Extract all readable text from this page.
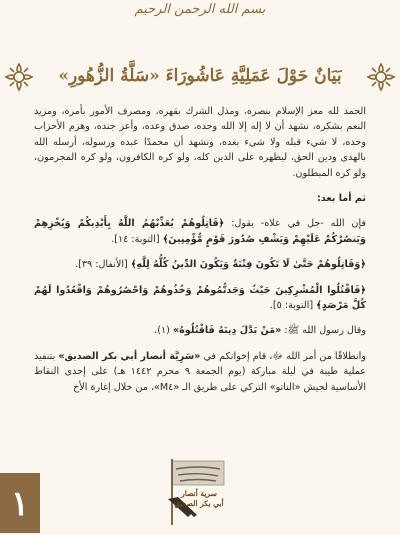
بسم الله الرحمن الرحيم
بَيَانٌ حَوْلَ عَمَلِيَّةِ عَاشُورَاءَ «سَلَّةُ الزُّهُورِ»

الحمد لله معز الإسلام بنصره، ومذل الشرك بقهره، ومصرف الأمور بأمره، ومزيد النعم بشكره، نشهد أن لا إله إلا الله وحده، صدق وعده، وأعز جنده، وهزم الأحزاب وحده، لا شيء قبله ولا شيء بعده، ونشهد أن محمدًا عبده ورسوله، أرسله الله بالهدى ودين الحق، ليظهره على الدين كله، ولو كره الكافرون، ولو كره المجرمون، ولو كره المبطلون.

ثم أما بعد:

فإن الله -جل في علاه- يقول: ﴿قَاتِلُوهُمْ يُعَذِّبْهُمُ اللَّهُ بِأَيْدِيكُمْ وَيُخْزِهِمْ وَيَنصُرْكُمْ عَلَيْهِمْ وَيَشْفِ صُدُورَ قَوْمٍ مُّؤْمِنِينَ﴾ [التوبة: ١٤].

﴿وَقَاتِلُوهُمْ حَتَّىٰ لَا تَكُونَ فِتْنَةٌ وَيَكُونَ الدِّينُ كُلُّهُ لِلَّهِ﴾ [الأنفال: ٣٩].

﴿فَاقْتُلُوا الْمُشْرِكِينَ حَيْثُ وَجَدتُّمُوهُمْ وَخُذُوهُمْ وَاحْصُرُوهُمْ وَاقْعُدُوا لَهُمْ كُلَّ مَرْصَدٍ﴾ [التوبة: ٥].

وقال رسول الله ﷺ: «مَنْ بَدَّلَ دِينَهُ فَاقْتُلُوهُ» (١).

وانطلاقًا من أمر الله ﷻ، قام إخوانكم في «سَرِيَّة أنصار أبي بكر الصديق» بتنفيذ عملية طيبة في ليلة مباركة (يوم الجمعة ٩ محرم ١٤٤٢ هـ) على إحدى النقاط الأساسية لجيش «الناتو» التركي على طريق الـ «M٤»، من خلال إغارة الأخ

سرية أنصار
أبي بكر الصديق
١
